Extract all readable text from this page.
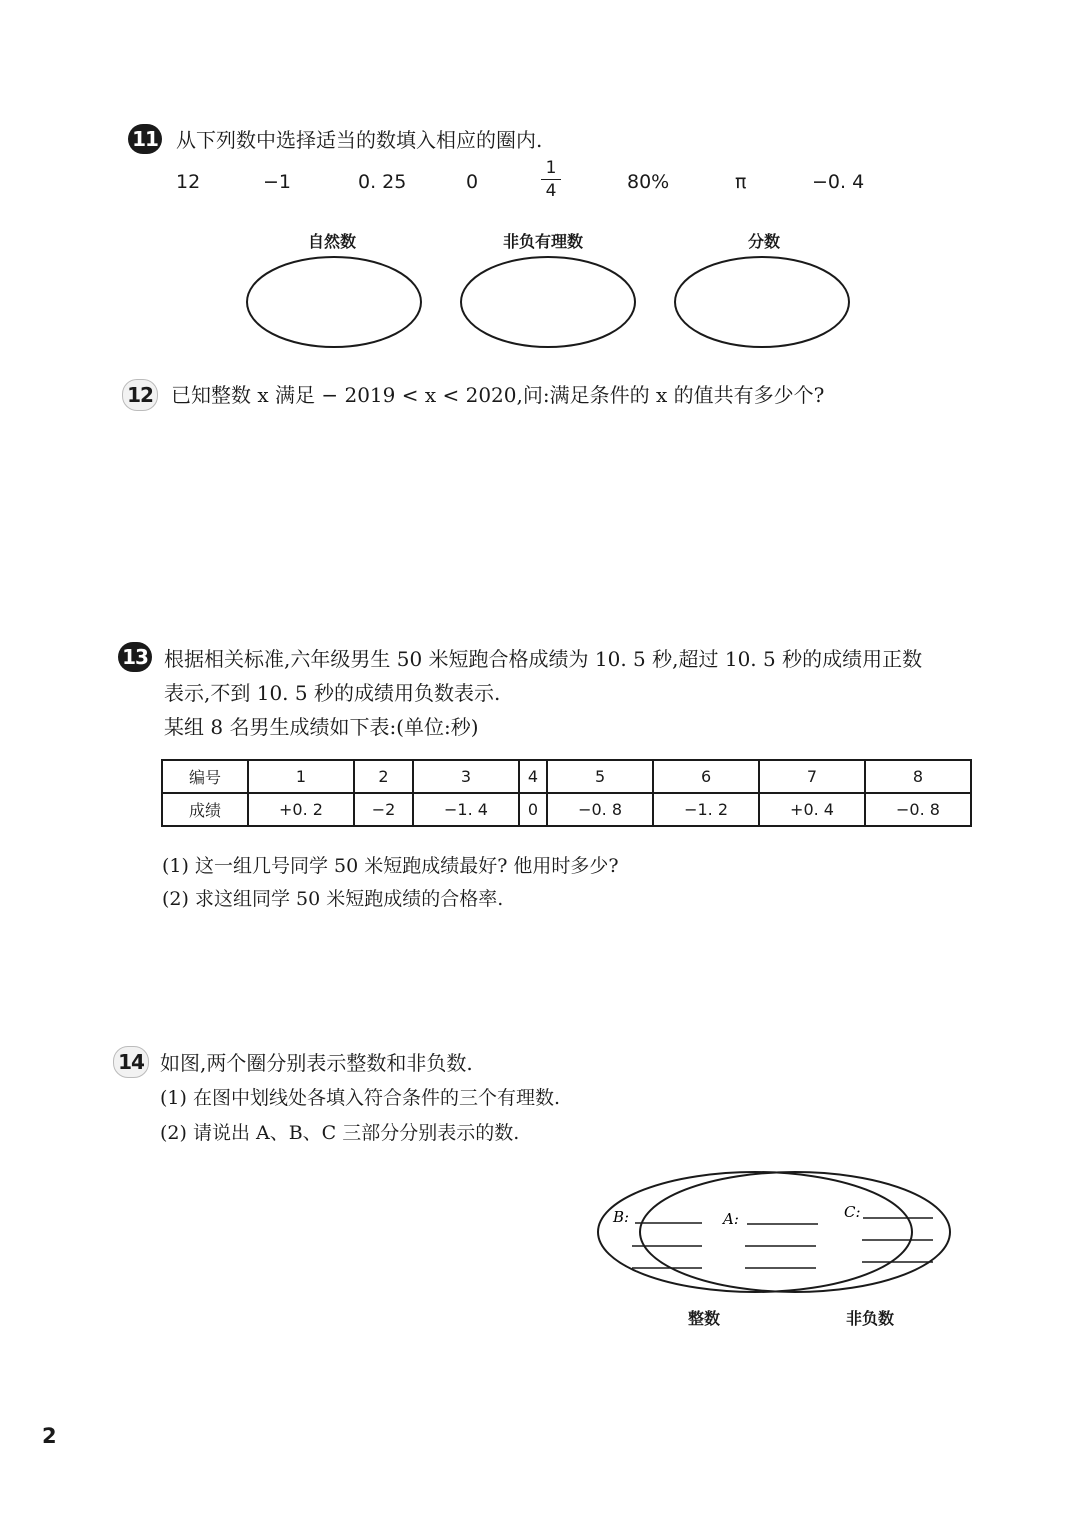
11 从下列数中选择适当的数填入相应的圈内.
12	−1	0. 25	0
1
4	80%	π	−0. 4
自然数	非负有理数	分数
12 已知整数 x 满足 − 2019 < x < 2020,问:满足条件的 x 的值共有多少个?
13 根据相关标准,六年级男生 50 米短跑合格成绩为 10. 5 秒,超过 10. 5 秒的成绩用正数
表示,不到 10. 5 秒的成绩用负数表示.
某组 8 名男生成绩如下表:(单位:秒)
编号	1	2	3	4	5	6	7	8
成绩	+0. 2	−2	−1. 4	0	−0. 8	−1. 2	+0. 4	−0. 8
(1) 这一组几号同学 50 米短跑成绩最好? 他用时多少?
(2) 求这组同学 50 米短跑成绩的合格率.
14 如图,两个圈分别表示整数和非负数.
(1) 在图中划线处各填入符合条件的三个有理数.
(2) 请说出 A、B、C 三部分分别表示的数.
B:	A:	C:
整数	非负数
2
